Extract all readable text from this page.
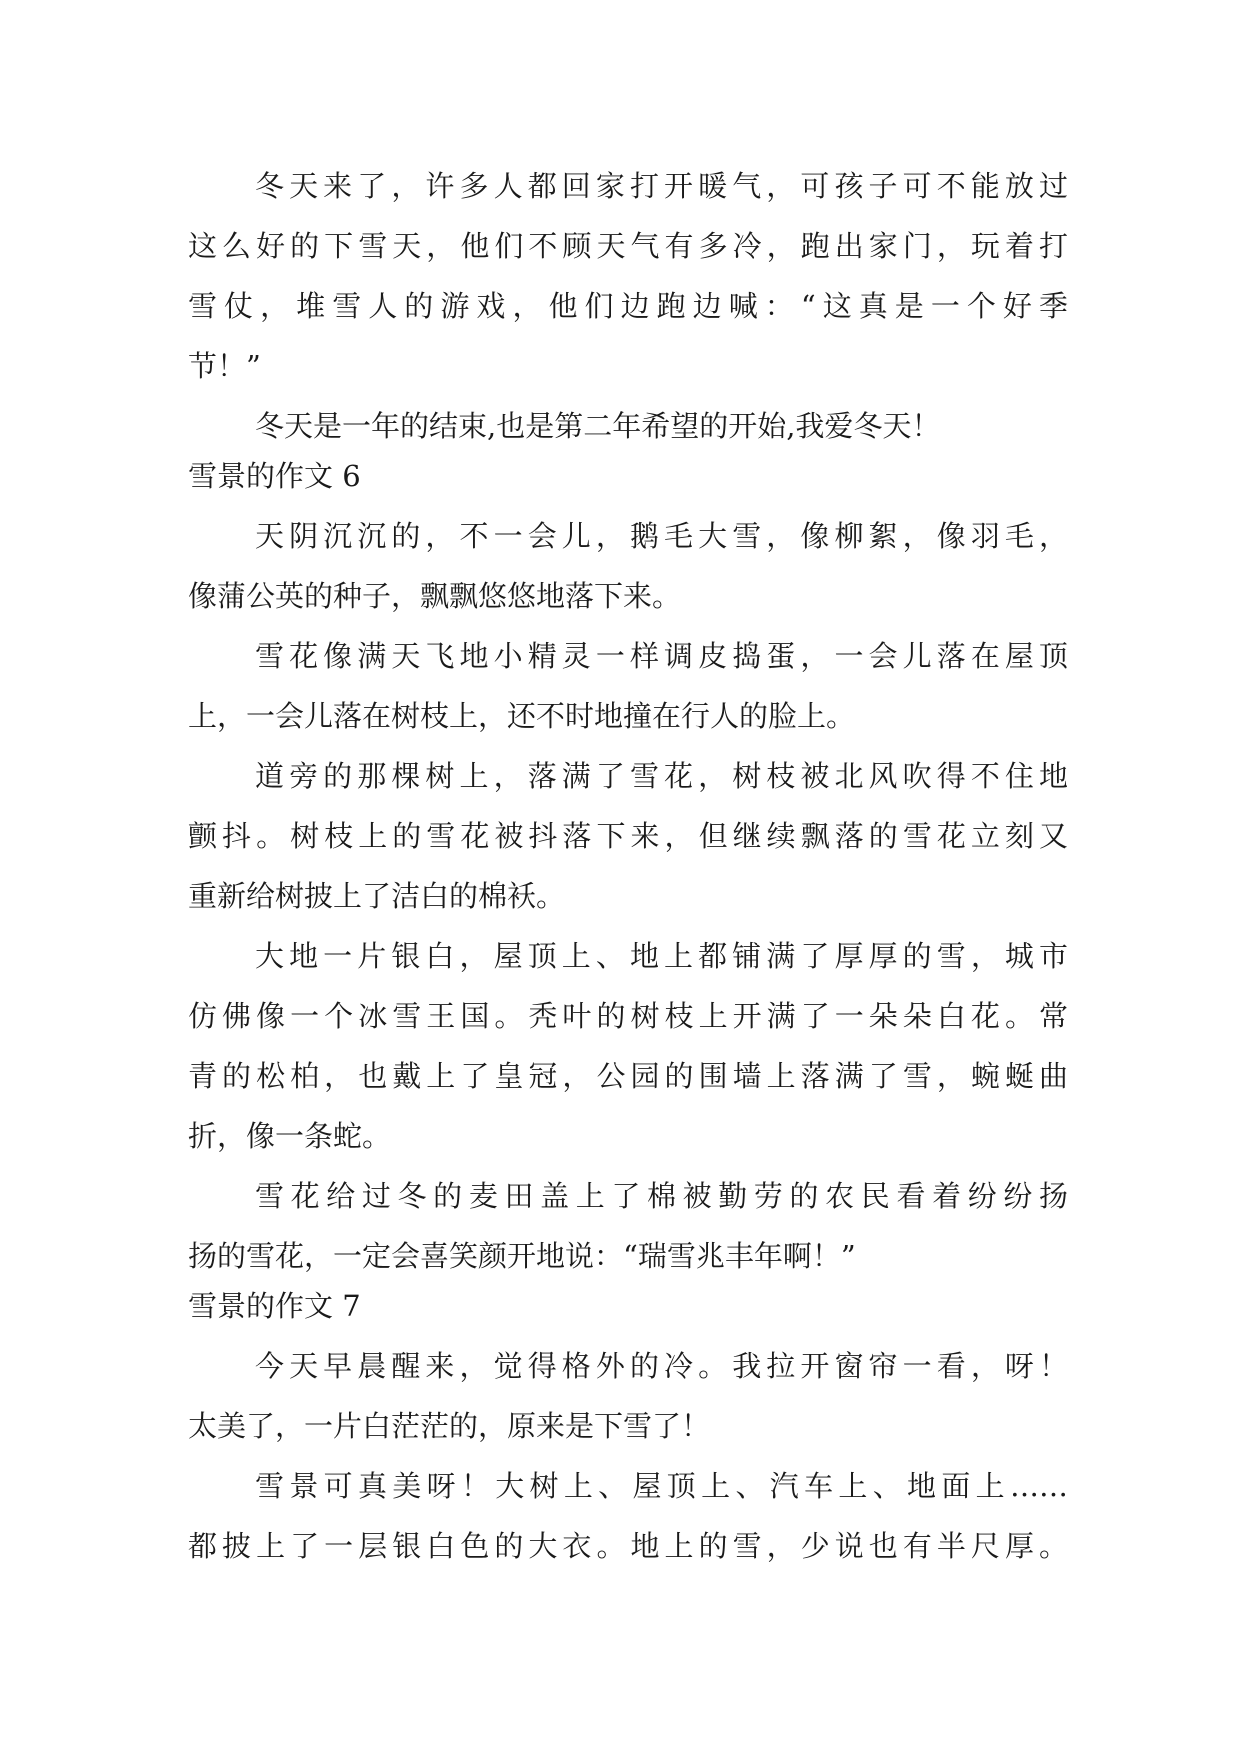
冬天来了，许多人都回家打开暖气，可孩子可不能放过
这么好的下雪天，他们不顾天气有多冷，跑出家门，玩着打
雪仗，堆雪人的游戏，他们边跑边喊：“这真是一个好季
节！”
冬天是一年的结束,也是第二年希望的开始,我爱冬天！
雪景的作文 6
天阴沉沉的，不一会儿，鹅毛大雪，像柳絮，像羽毛，
像蒲公英的种子，飘飘悠悠地落下来。
雪花像满天飞地小精灵一样调皮捣蛋，一会儿落在屋顶
上，一会儿落在树枝上，还不时地撞在行人的脸上。
道旁的那棵树上，落满了雪花，树枝被北风吹得不住地
颤抖。树枝上的雪花被抖落下来，但继续飘落的雪花立刻又
重新给树披上了洁白的棉袄。
大地一片银白，屋顶上、地上都铺满了厚厚的雪，城市
仿佛像一个冰雪王国。秃叶的树枝上开满了一朵朵白花。常
青的松柏，也戴上了皇冠，公园的围墙上落满了雪，蜿蜒曲
折，像一条蛇。
雪花给过冬的麦田盖上了棉被勤劳的农民看着纷纷扬
扬的雪花，一定会喜笑颜开地说：“瑞雪兆丰年啊！”
雪景的作文 7
今天早晨醒来，觉得格外的冷。我拉开窗帘一看，呀！
太美了，一片白茫茫的，原来是下雪了！
雪景可真美呀！大树上、屋顶上、汽车上、地面上……
都披上了一层银白色的大衣。地上的雪，少说也有半尺厚。
